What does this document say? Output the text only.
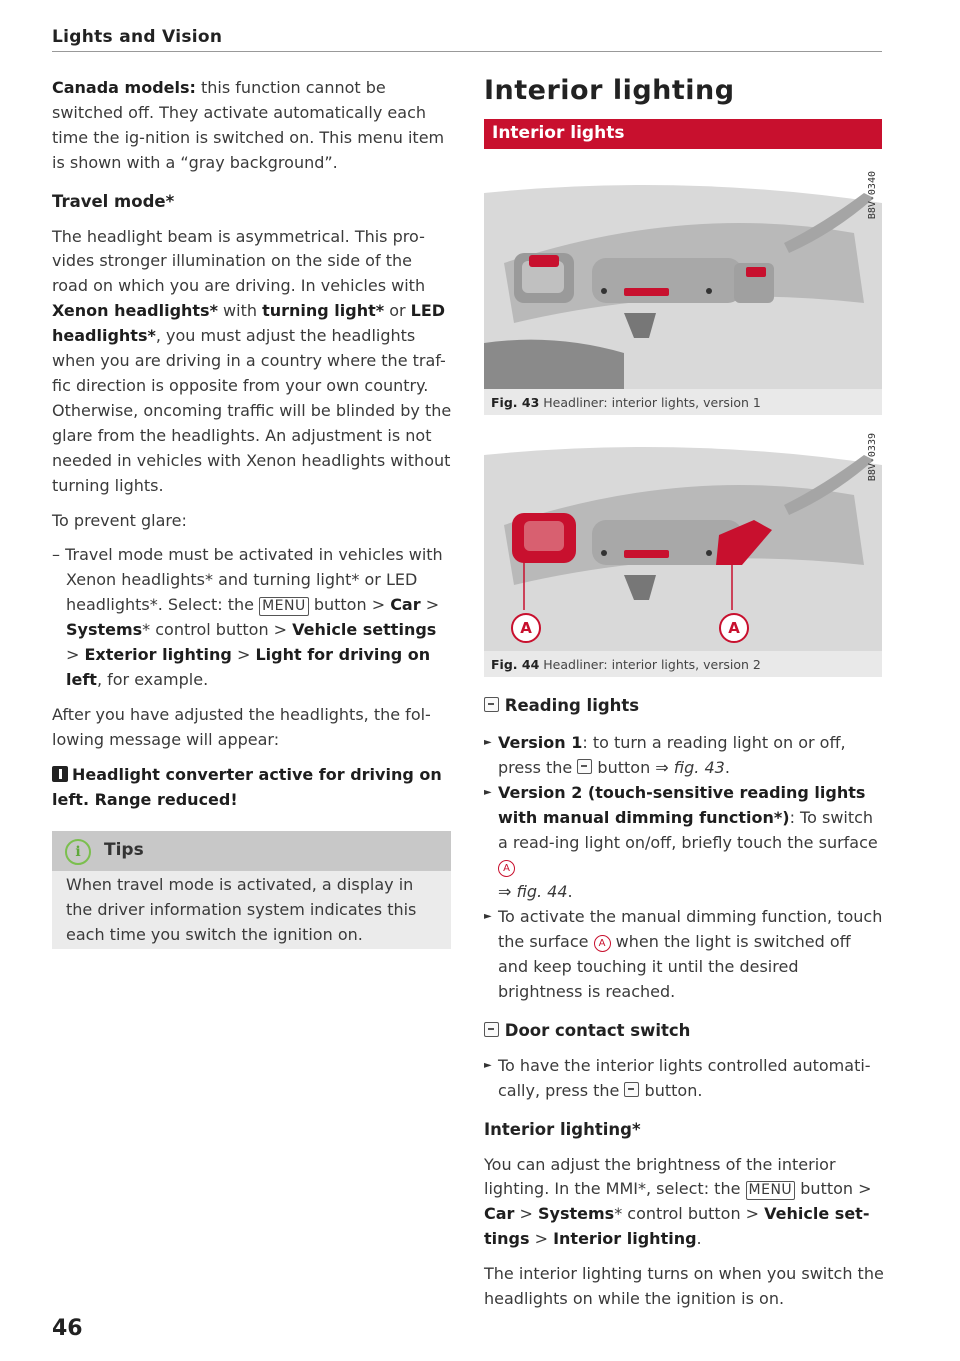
Lights and Vision

Canada models: this function cannot be switched off. They activate automatically each time the ig-nition is switched on. This menu item is shown with a “gray background”.

Travel mode*

The headlight beam is asymmetrical. This pro-vides stronger illumination on the side of the road on which you are driving. In vehicles with Xenon headlights* with turning light* or LED headlights*, you must adjust the headlights when you are driving in a country where the traf-fic direction is opposite from your own country. Otherwise, oncoming traffic will be blinded by the glare from the headlights. An adjustment is not needed in vehicles with Xenon headlights without turning lights.

To prevent glare:

– Travel mode must be activated in vehicles with

Xenon headlights* and turning light* or LED headlights*. Select: the MENU button > Car > Systems* control button > Vehicle settings > Exterior lighting > Light for driving on left, for example.

After you have adjusted the headlights, the fol-lowing message will appear:

Headlight converter active for driving on left. Range reduced!

i	Tips
When travel mode is activated, a display in the driver information system indicates this each time you switch the ignition on.
46
Interior lighting
Interior lights
B8V-0340
Fig. 43 Headliner: interior lights, version 1
A	A
B8V-0339
Fig. 44 Headliner: interior lights, version 2

Reading lights

► Version 1: to turn a reading light on or off, press the  button ⇒ fig. 43.

► Version 2 (touch-sensitive reading lights with manual dimming function*): To switch a read-ing light on/off, briefly touch the surface A
⇒ fig. 44.

► To activate the manual dimming function, touch the surface A when the light is switched off and keep touching it until the desired brightness is reached.

Door contact switch

► To have the interior lights controlled automati-cally, press the  button.

Interior lighting*

You can adjust the brightness of the interior lighting. In the MMI*, select: the MENU button > Car > Systems* control button > Vehicle set-tings > Interior lighting.

The interior lighting turns on when you switch the headlights on while the ignition is on.
